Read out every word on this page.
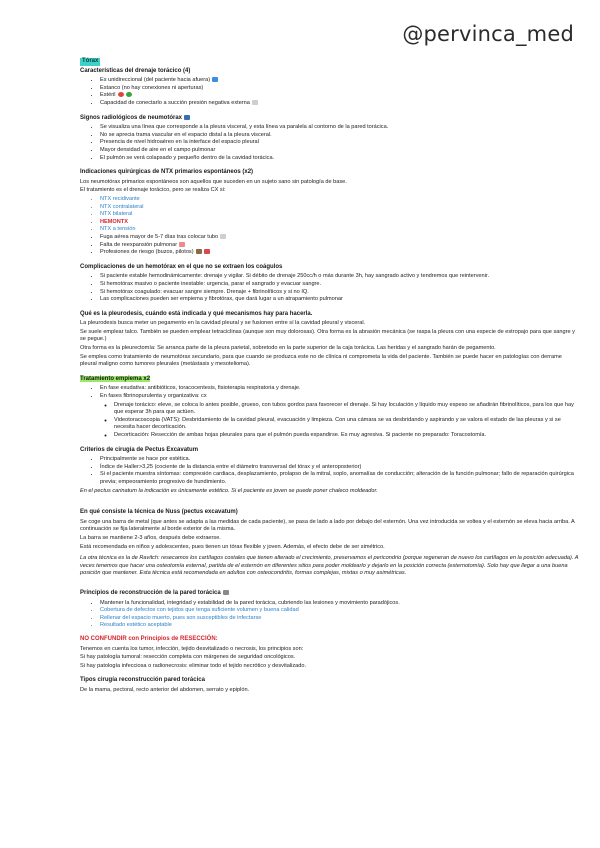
@pervinca_med
Tórax
Características del drenaje torácico (4)
• Es unidireccional (del paciente hacia afuera)
• Estanco (no hay conexiones ni aperturas)
• Estéril
• Capacidad de conectarlo a succión presión negativa externa
Signos radiológicos de neumotórax
• Se visualiza una línea que corresponde a la pleura visceral, y esta línea va paralela al contorno de la pared torácica.
• No se aprecia trama vascular en el espacio distal a la pleura visceral.
• Presencia de nivel hidroaéreo en la interface del espacio pleural
• Mayor densidad de aire en el campo pulmonar
• El pulmón se verá colapsado y pequeño dentro de la cavidad torácica.
Indicaciones quirúrgicas de NTX primarios espontáneos (x2)

Los neumotórax primarios espontáneos son aquellos que suceden en un sujeto sano sin patología de base.

El tratamiento es el drenaje torácico, pero se realiza CX si:

• NTX recidivante
• NTX contralateral
• NTX bilateral
• HEMONTX
• NTX a tensión
• Fuga aérea mayor de 5-7 días tras colocar tubo
• Falta de reexpansión pulmonar
• Profesiones de riesgo (buzos, pilotos)
Complicaciones de un hemotórax en el que no se extraen los coágulos
• Si paciente estable hemodinámicamente: drenaje y vigilar. Si débito de drenaje 250cc/h o más durante 3h, hay sangrado activo y tendremos que reintervenir.
• Si hemotórax masivo o paciente inestable: urgencia, parar el sangrado y evacuar sangre.
• Si hemotórax coagulado: evacuar sangre siempre. Drenaje + fibrinolíticos y si no IQ.
• Las complicaciones pueden ser empiema y fibrotórax, que dará lugar a un atrapamiento pulmonar
Qué es la pleurodesis, cuándo está indicada y qué mecanismos hay para hacerla.

La pleurodesis busca meter un pegamento en la cavidad pleural y se fusionen entre sí la cavidad pleural y visceral.

Se suele emplear talco. También se pueden emplear tetraciclinas (aunque son muy dolorosas). Otra forma es la abrasión mecánica (se raspa la pleura con una especie de estropajo para que sangre y se pegue.)

Otra forma es la pleurectomía: Se arranca parte de la pleura parietal, sobretodo en la parte superior de la caja torácica. Las heridas y el sangrado harán de pegamento.

Se emplea como tratamiento de neumotórax secundario, para que cuando se produzca este no de clínica ni comprometa la vida del paciente. También se puede hacer en patologías con derrame pleural maligno como tumores pleurales (metástasis y mesotelioma).

Tratamiento empiema x2
• En fase exudativa: antibióticos, toracocentesis, fisioterapia respiratoria y drenaje.
• En fases fibrinopurulenta y organizativa: cx
◦ Drenaje torácico: eleve, se coloca lo antes posible, grueso, con tubos gordos para favorecer el drenaje. Si hay loculación y líquido muy espeso se añadirán fibrinolíticos, para los que hay que esperar 3h para que actúen.
◦ Videotoracoscopia (VATS): Desbridamiento de la cavidad pleural, evacuación y limpieza. Con una cámara se va desbridando y aspirando y se valora el estado de las pleuras y si se necesita hacer decorticación.
◦ Decorticación: Resección de ambas hojas pleurales para que el pulmón pueda expandirse. Es muy agresiva. Si paciente no preparado: Toracostomía.
Criterios de cirugía de Pectus Excavatum
• Principalmente se hace por estética.
• Índice de Haller>3,25 (cociente de la distancia entre el diámetro transversal del tórax y el anteroposterior)
• Si el paciente muestra síntomas: compresión cardiaca, desplazamiento, prolapso de la mitral, soplo, anomalías de conducción; alteración de la función pulmonar; fallo de reparación quirúrgica previa; empeoramiento progresivo de hundimiento.

En el pectus carinatum la indicación es únicamente estético. Si el paciente es joven se puede poner chaleco moldeador.

En qué consiste la técnica de Nuss (pectus excavatum)

Se coge una barra de metal (que antes se adapta a las medidas de cada paciente), se pasa de lado a lado por debajo del esternón. Una vez introducida se voltea y el esternón se eleva hacia arriba. A continuación se fija lateralmente al borde exterior de la misma.

La barra se mantiene 2-3 años, después debe extraerse.

Está recomendada en niños y adolescentes, pues tienen un tórax flexible y joven. Además, el efecto debe de ser simétrico.

La otra técnica es la de Ravitch: resecamos los cartílagos costales que tienen alterado el crecimiento, preservamos el pericondrio (porque regeneran de nuevo los cartílagos en la posición adecuada). A veces tenemos que hacer una osteotomía esternal, partida de el esternón en diferentes sitios para poder moldearlo y dejarlo en la posición correcta (esternotomía). Solo hay que llegar a una buena posición que mantener. Esta técnica está recomendada en adultos con osteocondritis, formas complejas, mixtas o muy asimétricas.

Principios de reconstrucción de la pared torácica
• Mantener la funcionalidad, integridad y estabilidad de la pared torácica, cubriendo las lesiones y movimiento paradójicos.
• Cobertura de defectos con tejidos que tenga suficiente volumen y buena calidad
• Rellenar del espacio muerto, pues son susceptibles de infectarse
• Resultado estético aceptable
NO CONFUNDIR con Principios de RESECCIÓN:

Tenemos en cuenta los tumor, infección, tejido desvitalizado o necrosis, los principios son:

Si hay patología tumoral: resección completa con márgenes de seguridad oncológicos.

Si hay patología infecciosa o radionecrosis: eliminar todo el tejido necrótico y desvitalizado.

Tipos cirugía reconstrucción pared torácica

De la mama, pectoral, recto anterior del abdomen, serrato y epiplón.
